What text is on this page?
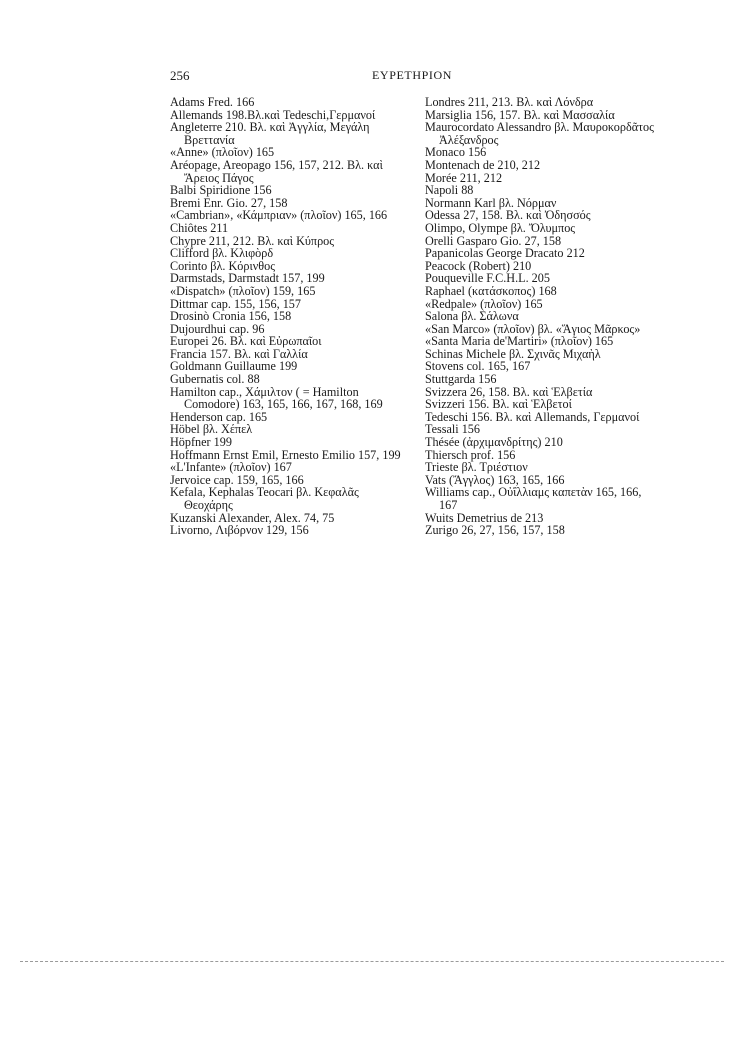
256	ΕΥΡΕΤΗΡΙΟΝ

Adams Fred. 166

Allemands 198.Βλ.καὶ Tedeschi,Γερμανοί

Angleterre 210. Βλ. καὶ Ἀγγλία, Μεγάλη Βρεττανία

«Anne» (πλοῖον) 165

Aréopage, Areopago 156, 157, 212. Βλ. καὶ Ἄρειος Πάγος

Balbi Spiridione 156

Bremi Enr. Gio. 27, 158

«Cambrian», «Κάμπριαν» (πλοῖον) 165, 166

Chiôtes 211

Chypre 211, 212. Βλ. καὶ Κύπρος

Clifford βλ. Κλιφὸρδ

Corinto βλ. Κόρινθος

Darmstads, Darmstadt 157, 199

«Dispatch» (πλοῖον) 159, 165

Dittmar cap. 155, 156, 157

Drosinò Cronia 156, 158

Dujourdhui cap. 96

Europei 26. Βλ. καὶ Εὐρωπαῖοι

Francia 157. Βλ. καὶ Γαλλία

Goldmann Guillaume 199

Gubernatis col. 88

Hamilton cap., Χάμιλτον ( = Hamilton Comodore) 163, 165, 166, 167, 168, 169

Henderson cap. 165

Höbel βλ. Χέπελ

Höpfner 199

Hoffmann Ernst Emil, Ernesto Emilio 157, 199

«L'Infante» (πλοῖον) 167

Jervoice cap. 159, 165, 166

Kefala, Kephalas Teocari βλ. Κεφαλᾶς Θεοχάρης

Kuzanski Alexander, Alex. 74, 75

Livorno, Λιβόρνον 129, 156

Londres 211, 213. Βλ. καὶ Λόνδρα

Marsiglia 156, 157. Βλ. καὶ Μασσαλία

Maurocordato Alessandro βλ. Μαυροκορδᾶτος Ἀλέξανδρος

Monaco 156

Montenach de 210, 212

Morée 211, 212

Napoli 88

Normann Karl βλ. Νόρμαν

Odessa 27, 158. Βλ. καὶ Ὀδησσός

Olimpo, Olympe βλ. Ὄλυμπος

Orelli Gasparo Gio. 27, 158

Papanicolas George Dracato 212

Peacock (Robert) 210

Pouqueville F.C.H.L. 205

Raphael (κατάσκοπος) 168

«Redpale» (πλοῖον) 165

Salona βλ. Σάλωνα

«San Marco» (πλοῖον) βλ. «Ἅγιος Μᾶρκος»

«Santa Maria de'Martiri» (πλοῖον) 165

Schinas Michele βλ. Σχινᾶς Μιχαὴλ

Stovens col. 165, 167

Stuttgarda 156

Svizzera 26, 158. Βλ. καὶ Ἑλβετία

Svizzeri 156. Βλ. καὶ Ἑλβετοί

Tedeschi 156. Βλ. καὶ Allemands, Γερμανοί

Tessali 156

Thésée (ἀρχιμανδρίτης) 210

Thiersch prof. 156

Trieste βλ. Τριέστιον

Vats (Ἄγγλος) 163, 165, 166

Williams cap., Οὐΐλλιαμς καπετὰν 165, 166, 167

Wuits Demetrius de 213

Zurigo 26, 27, 156, 157, 158
